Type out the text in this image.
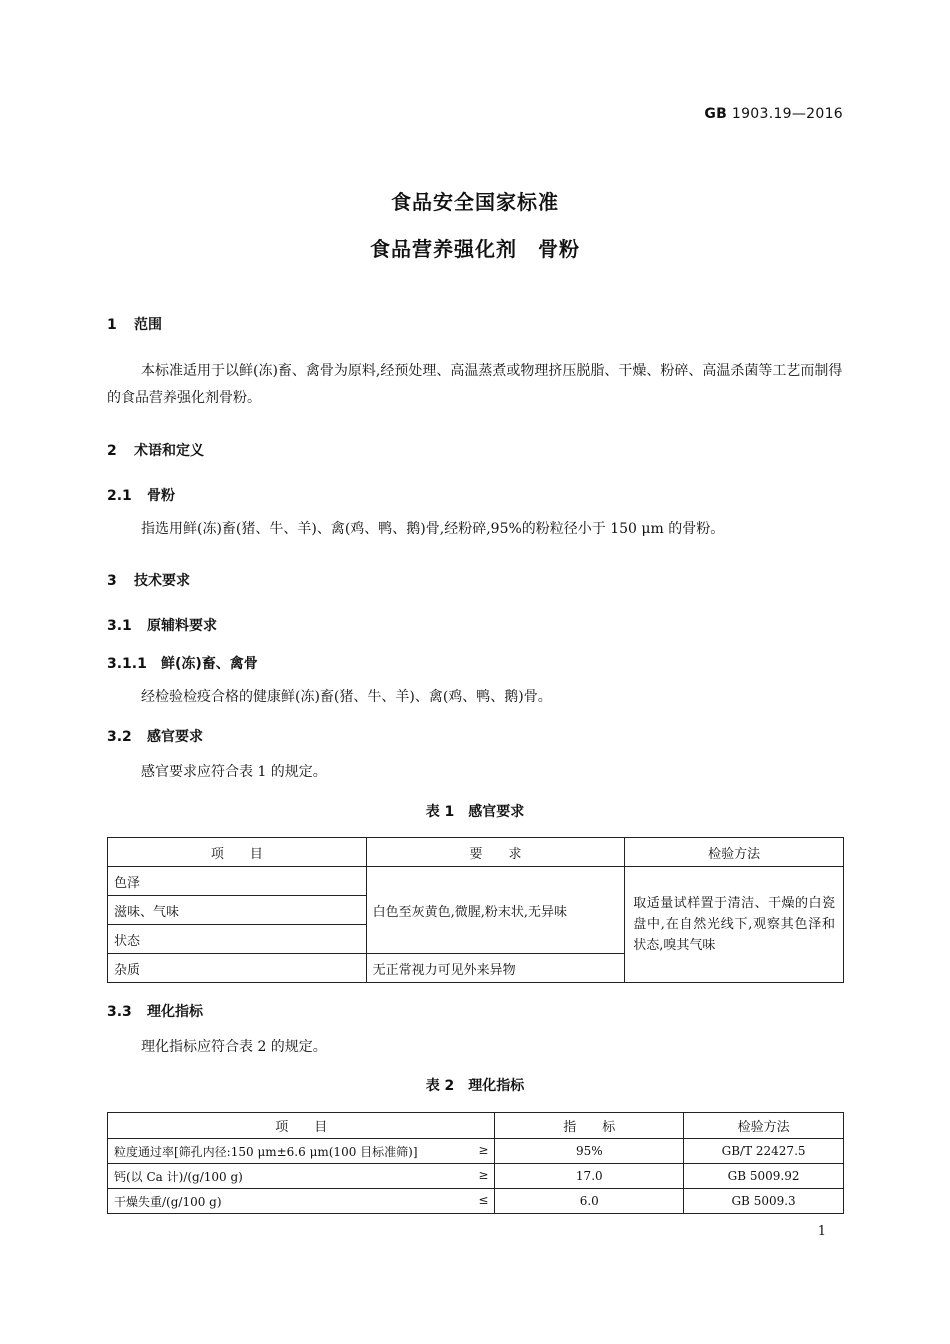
GB 1903.19—2016
食品安全国家标准
食品营养强化剂　骨粉
1 范围
本标准适用于以鲜(冻)畜、禽骨为原料,经预处理、高温蒸煮或物理挤压脱脂、干燥、粉碎、高温杀菌等工艺而制得的食品营养强化剂骨粉。
2 术语和定义
2.1 骨粉
指选用鲜(冻)畜(猪、牛、羊)、禽(鸡、鸭、鹅)骨,经粉碎,95%的粉粒径小于 150 μm 的骨粉。
3 技术要求
3.1 原辅料要求
3.1.1 鲜(冻)畜、禽骨
经检验检疫合格的健康鲜(冻)畜(猪、牛、羊)、禽(鸡、鸭、鹅)骨。
3.2 感官要求
感官要求应符合表 1 的规定。
表 1　感官要求
项　　目	要　　求	检验方法
色泽	白色至灰黄色,微腥,粉末状,无异味	取适量试样置于清洁、干燥的白瓷盘中,在自然光线下,观察其色泽和状态,嗅其气味
滋味、气味		
状态		
杂质	无正常视力可见外来异物	
3.3 理化指标
理化指标应符合表 2 的规定。
表 2　理化指标
项　　目	指　　标	检验方法

粒度通过率[筛孔内径:150 μm±6.6 μm(100 目标准筛)] ≥	95%	GB/T 22427.5

钙(以 Ca 计)/(g/100 g) ≥	17.0	GB 5009.92

干燥失重/(g/100 g) ≤	6.0	GB 5009.3
1
